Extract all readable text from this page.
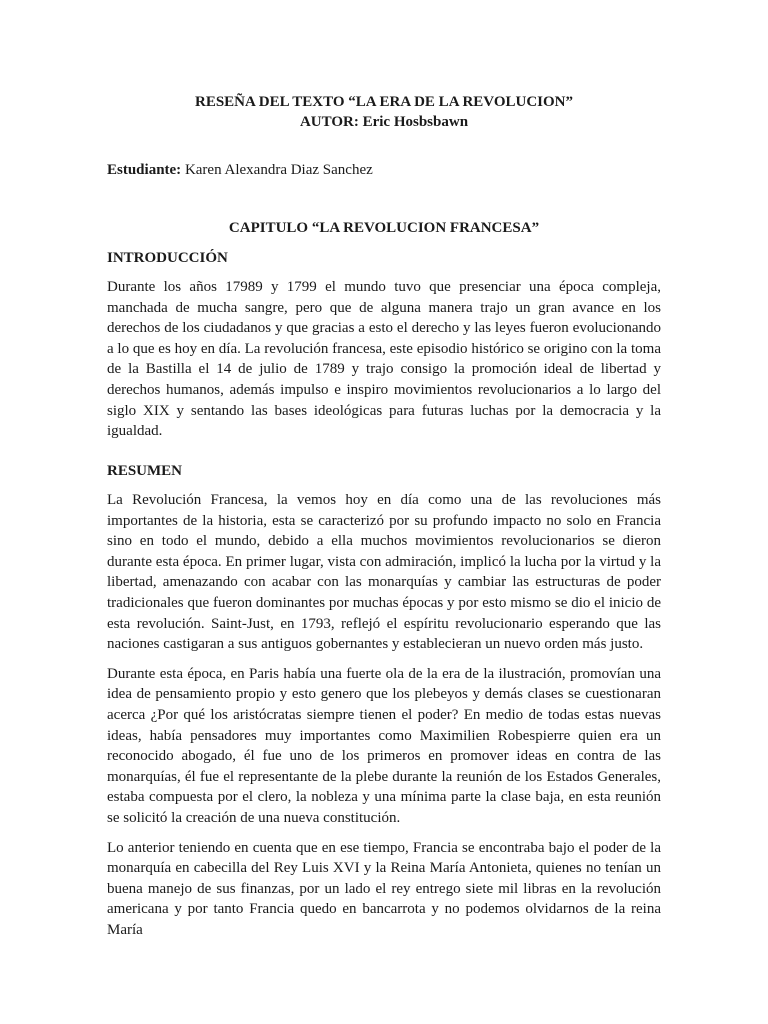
RESEÑA DEL TEXTO “LA ERA DE LA REVOLUCION”
AUTOR: Eric Hosbsbawn
Estudiante: Karen Alexandra Diaz Sanchez
CAPITULO “LA REVOLUCION FRANCESA”
INTRODUCCIÓN

Durante los años 17989 y 1799 el mundo tuvo que presenciar una época compleja, manchada de mucha sangre, pero que de alguna manera trajo un gran avance en los derechos de los ciudadanos y que gracias a esto el derecho y las leyes fueron evolucionando a lo que es hoy en día. La revolución francesa, este episodio histórico se origino con la toma de la Bastilla el 14 de julio de 1789 y trajo consigo la promoción ideal de libertad y derechos humanos, además impulso e inspiro movimientos revolucionarios a lo largo del siglo XIX y sentando las bases ideológicas para futuras luchas por la democracia y la igualdad.

RESUMEN

La Revolución Francesa, la vemos hoy en día como una de las revoluciones más importantes de la historia, esta se caracterizó por su profundo impacto no solo en Francia sino en todo el mundo, debido a ella muchos movimientos revolucionarios se dieron durante esta época. En primer lugar, vista con admiración, implicó la lucha por la virtud y la libertad, amenazando con acabar con las monarquías y cambiar las estructuras de poder tradicionales que fueron dominantes por muchas épocas y por esto mismo se dio el inicio de esta revolución. Saint-Just, en 1793, reflejó el espíritu revolucionario esperando que las naciones castigaran a sus antiguos gobernantes y establecieran un nuevo orden más justo.

Durante esta época, en Paris había una fuerte ola de la era de la ilustración, promovían una idea de pensamiento propio y esto genero que los plebeyos y demás clases se cuestionaran acerca ¿Por qué los aristócratas siempre tienen el poder? En medio de todas estas nuevas ideas, había pensadores muy importantes como Maximilien Robespierre quien era un reconocido abogado, él fue uno de los primeros en promover ideas en contra de las monarquías, él fue el representante de la plebe durante la reunión de los Estados Generales, estaba compuesta por el clero, la nobleza y una mínima parte la clase baja, en esta reunión se solicitó la creación de una nueva constitución.

Lo anterior teniendo en cuenta que en ese tiempo, Francia se encontraba bajo el poder de la monarquía en cabecilla del Rey Luis XVI y la Reina María Antonieta, quienes no tenían un buena manejo de sus finanzas, por un lado el rey entrego siete mil libras en la revolución americana y por tanto Francia quedo en bancarrota y no podemos olvidarnos de la reina María
